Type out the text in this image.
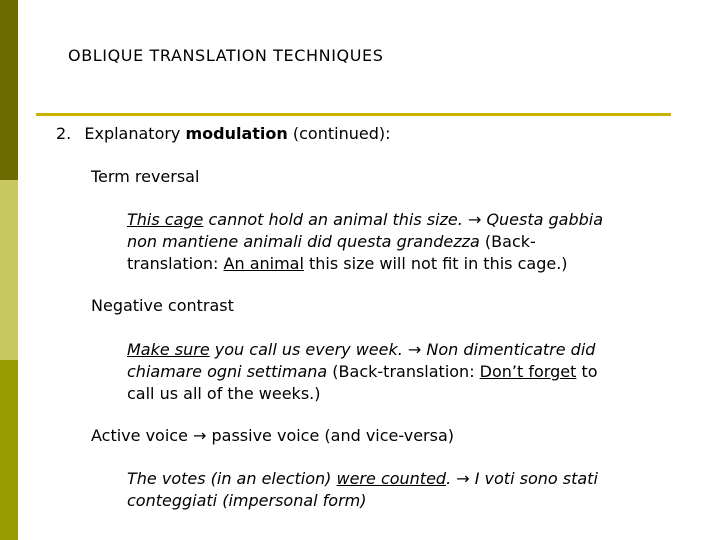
OBLIQUE TRANSLATION TECHNIQUES
2. Explanatory modulation (continued):
Term reversal
This cage cannot hold an animal this size. → Questa gabbia
non mantiene animali did questa grandezza (Back-
translation: An animal this size will not fit in this cage.)
Negative contrast
Make sure you call us every week. → Non dimenticatre did
chiamare ogni settimana (Back-translation: Don’t forget to
call us all of the weeks.)
Active voice → passive voice (and vice-versa)
The votes (in an election) were counted. → I voti sono stati
conteggiati (impersonal form)
